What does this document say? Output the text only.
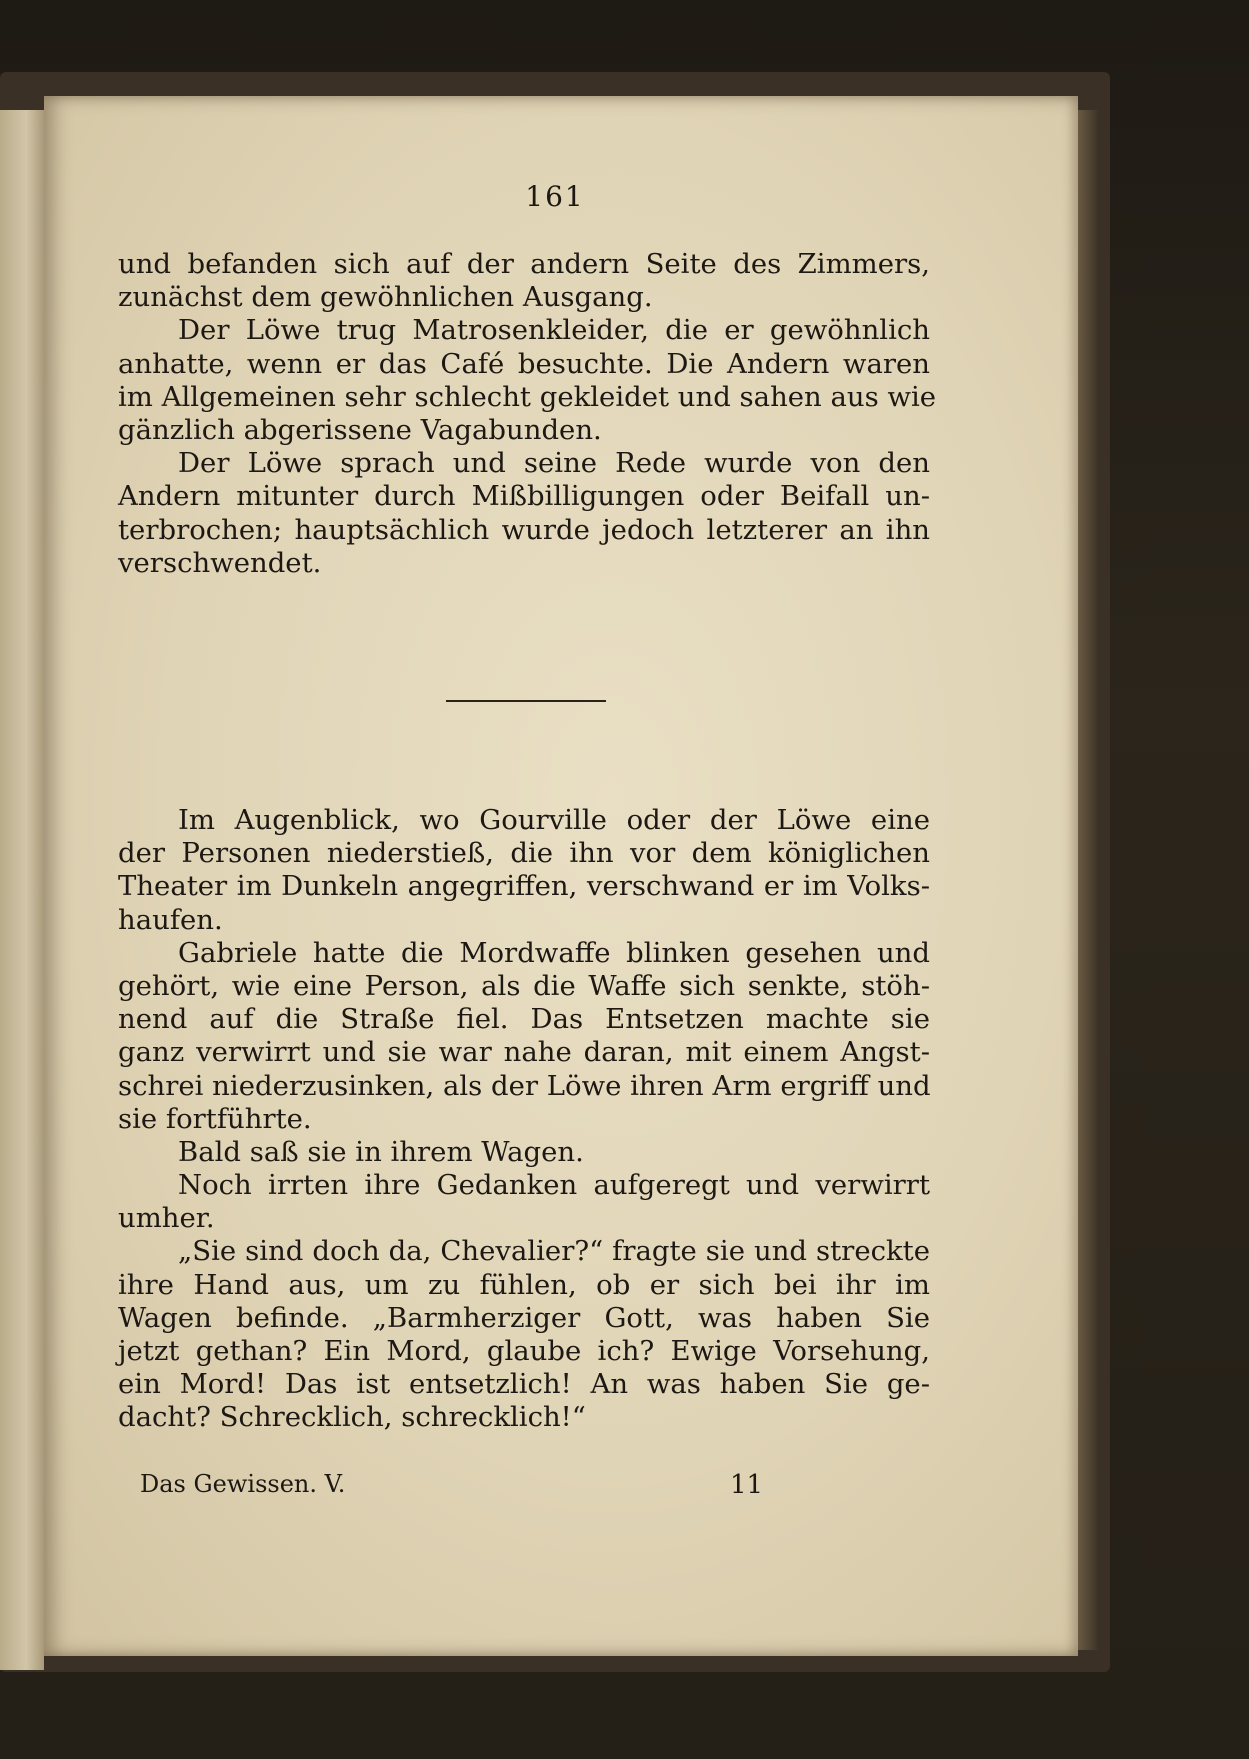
161
und befanden sich auf der andern Seite des Zimmers,
zunächst dem gewöhnlichen Ausgang.
Der Löwe trug Matrosenkleider, die er gewöhnlich
anhatte, wenn er das Café besuchte. Die Andern waren
im Allgemeinen sehr schlecht gekleidet und sahen aus wie
gänzlich abgerissene Vagabunden.
Der Löwe sprach und seine Rede wurde von den
Andern mitunter durch Mißbilligungen oder Beifall un-
terbrochen; hauptsächlich wurde jedoch letzterer an ihn
verschwendet.
Im Augenblick, wo Gourville oder der Löwe eine
der Personen niederstieß, die ihn vor dem königlichen
Theater im Dunkeln angegriffen, verschwand er im Volks-
haufen.
Gabriele hatte die Mordwaffe blinken gesehen und
gehört, wie eine Person, als die Waffe sich senkte, stöh-
nend auf die Straße fiel. Das Entsetzen machte sie
ganz verwirrt und sie war nahe daran, mit einem Angst-
schrei niederzusinken, als der Löwe ihren Arm ergriff und
sie fortführte.
Bald saß sie in ihrem Wagen.
Noch irrten ihre Gedanken aufgeregt und verwirrt
umher.
„Sie sind doch da, Chevalier?“ fragte sie und streckte
ihre Hand aus, um zu fühlen, ob er sich bei ihr im
Wagen befinde. „Barmherziger Gott, was haben Sie
jetzt gethan? Ein Mord, glaube ich? Ewige Vorsehung,
ein Mord! Das ist entsetzlich! An was haben Sie ge-
dacht? Schrecklich, schrecklich!“
Das Gewissen. V.	11
